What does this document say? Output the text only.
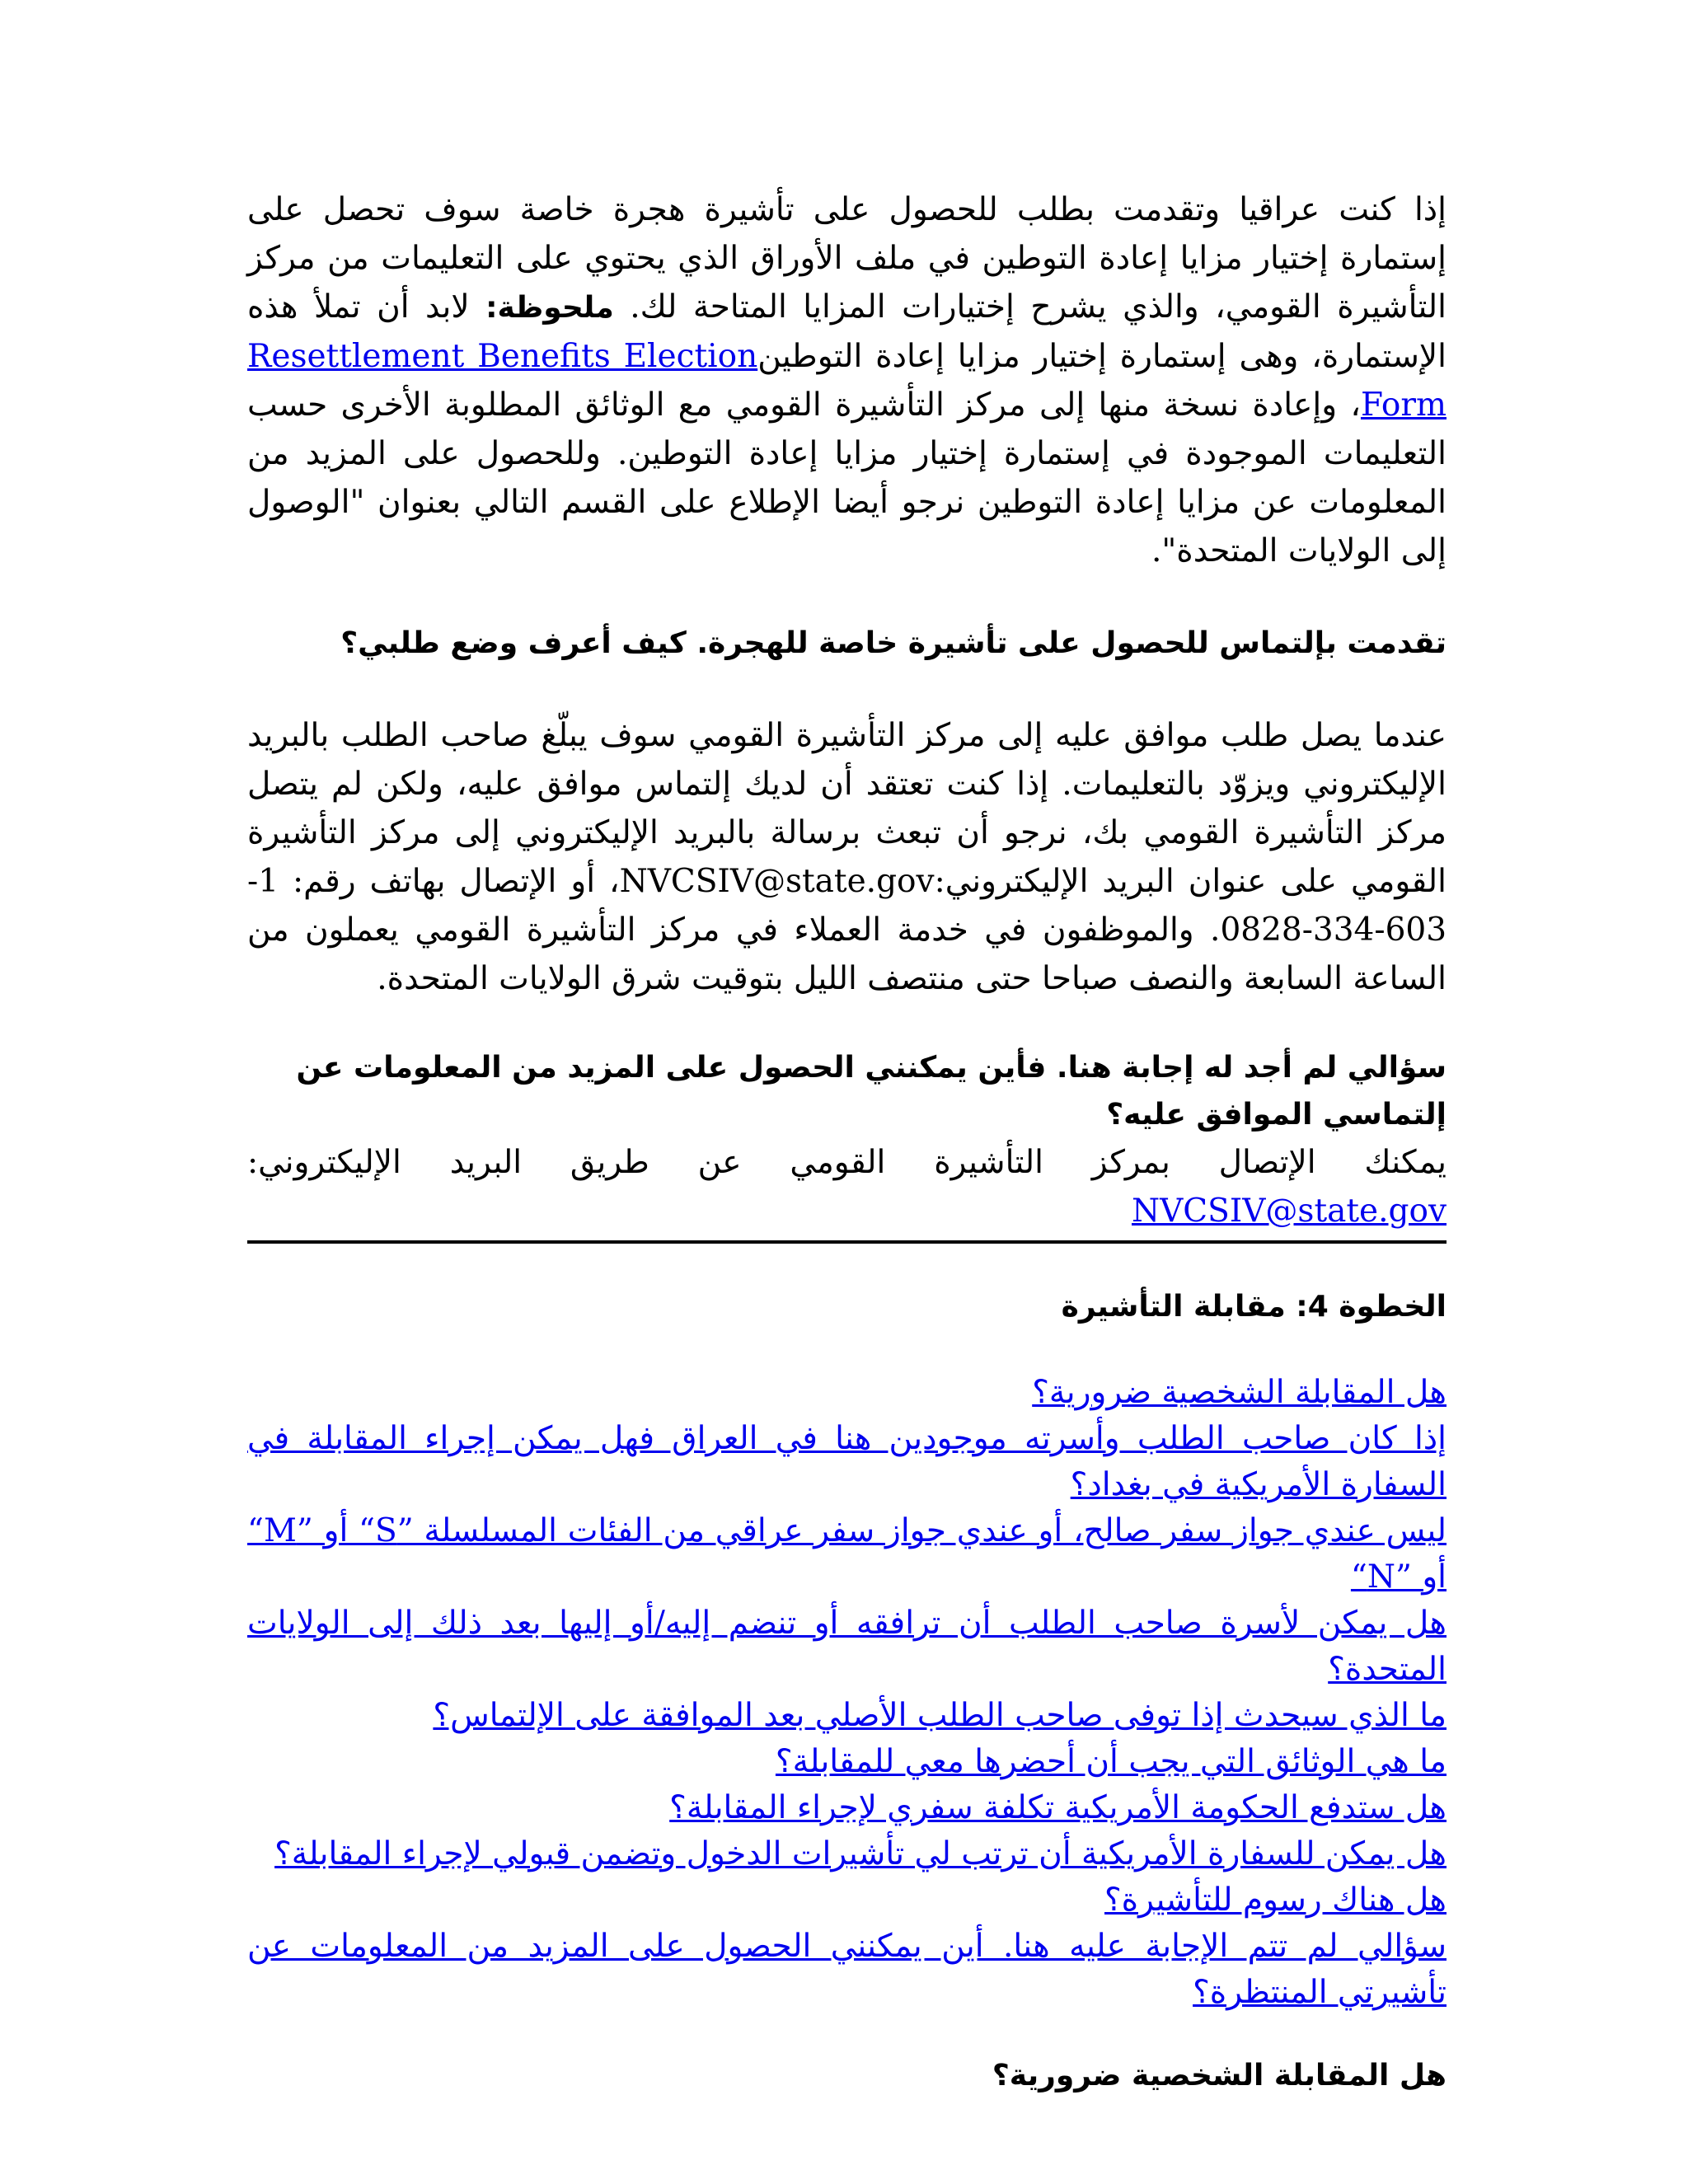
إذا كنت عراقيا وتقدمت بطلب للحصول على تأشيرة هجرة خاصة سوف تحصل على إستمارة إختيار مزايا إعادة التوطين في ملف الأوراق الذي يحتوي على التعليمات من مركز التأشيرة القومي، والذي يشرح إختيارات المزايا المتاحة لك. ملحوظة: لابد أن تملأ هذه الإستمارة، وهى إستمارة إختيار مزايا إعادة التوطينResettlement Benefits Election Form، وإعادة نسخة منها إلى مركز التأشيرة القومي مع الوثائق المطلوبة الأخرى حسب التعليمات الموجودة في إستمارة إختيار مزايا إعادة التوطين. وللحصول على المزيد من المعلومات عن مزايا إعادة التوطين نرجو أيضا الإطلاع على القسم التالي بعنوان "الوصول إلى الولايات المتحدة".

تقدمت بإلتماس للحصول على تأشيرة خاصة للهجرة. كيف أعرف وضع طلبي؟

عندما يصل طلب موافق عليه إلى مركز التأشيرة القومي سوف يبلّغ صاحب الطلب بالبريد الإليكتروني ويزوّد بالتعليمات. إذا كنت تعتقد أن لديك إلتماس موافق عليه، ولكن لم يتصل مركز التأشيرة القومي بك، نرجو أن تبعث برسالة بالبريد الإليكتروني إلى مركز التأشيرة القومي على عنوان البريد الإليكتروني:NVCSIV@state.gov، أو الإتصال بهاتف رقم: 1-603-334-0828. والموظفون في خدمة العملاء في مركز التأشيرة القومي يعملون من الساعة السابعة والنصف صباحا حتى منتصف الليل بتوقيت شرق الولايات المتحدة.

سؤالي لم أجد له إجابة هنا. فأين يمكنني الحصول على المزيد من المعلومات عن إلتماسي الموافق عليه؟

يمكنك الإتصال بمركز التأشيرة القومي عن طريق البريد الإليكتروني: NVCSIV@state.gov

الخطوة 4: مقابلة التأشيرة

هل المقابلة الشخصية ضرورية؟
إذا كان صاحب الطلب وأسرته موجودين هنا في العراق فهل يمكن إجراء المقابلة في السفارة الأمريكية في بغداد؟
ليس عندي جواز سفر صالح، أو عندي جواز سفر عراقي من الفئات المسلسلة ”S“ أو ”M“ أو ”N“
هل يمكن لأسرة صاحب الطلب أن ترافقه أو تنضم إليه/أو إليها بعد ذلك إلى الولايات المتحدة؟
ما الذي سيحدث إذا توفى صاحب الطلب الأصلي بعد الموافقة على الإلتماس؟
ما هي الوثائق التي يجب أن أحضرها معي للمقابلة؟
هل ستدفع الحكومة الأمريكية تكلفة سفري لإجراء المقابلة؟
هل يمكن للسفارة الأمريكية أن ترتب لي تأشيرات الدخول وتضمن قبولي لإجراء المقابلة؟
هل هناك رسوم للتأشيرة؟
سؤالي لم تتم الإجابة عليه هنا. أين يمكنني الحصول على المزيد من المعلومات عن تأشيرتي المنتظرة؟

هل المقابلة الشخصية ضرورية؟
